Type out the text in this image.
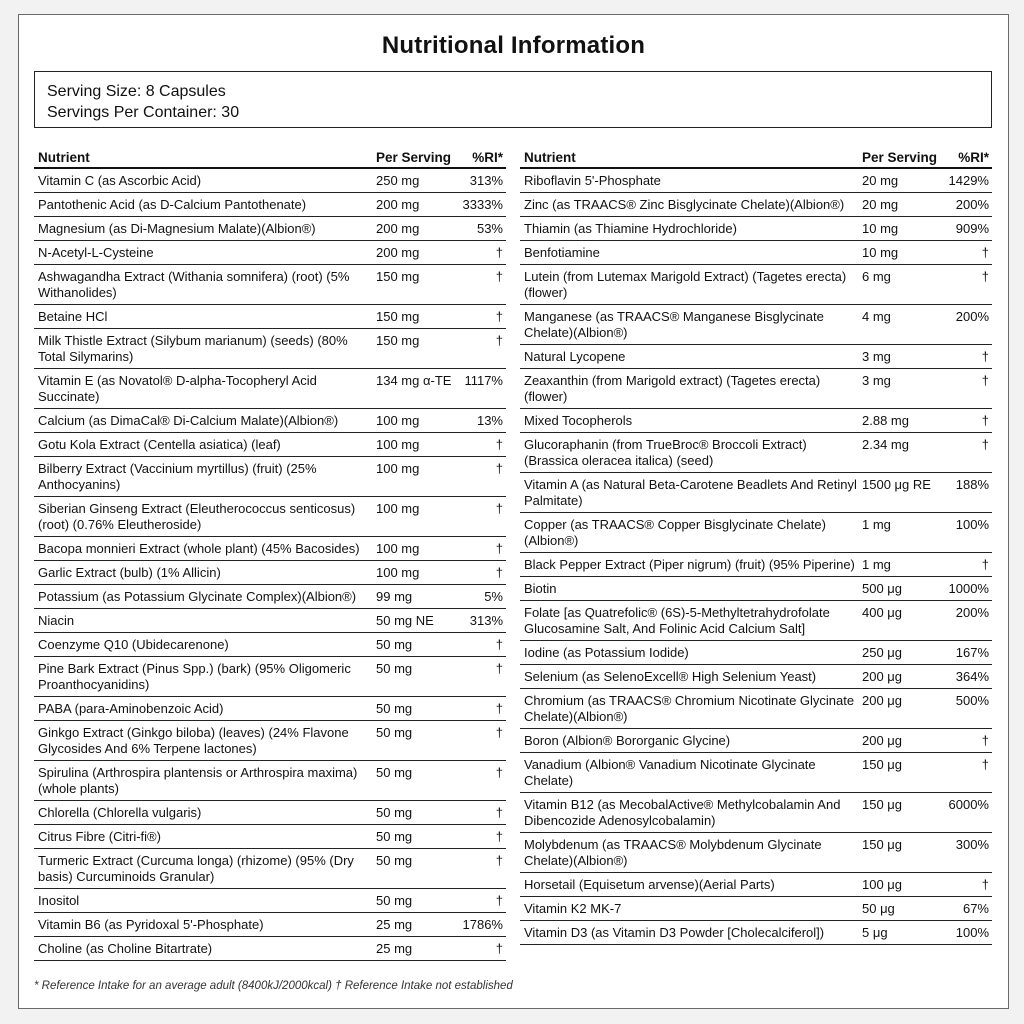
Nutritional Information
Serving Size: 8 Capsules
Servings Per Container: 30
Nutrient	Per Serving	%RI*
Vitamin C (as Ascorbic Acid)	250 mg	313%
Pantothenic Acid (as D-Calcium Pantothenate)	200 mg	3333%
Magnesium (as Di-Magnesium Malate)(Albion®)	200 mg	53%
N-Acetyl-L-Cysteine	200 mg	†
Ashwagandha Extract (Withania somnifera) (root) (5% Withanolides)
150 mg	†
Betaine HCl	150 mg	†
Milk Thistle Extract (Silybum marianum) (seeds) (80% Total Silymarins)
150 mg	†
Vitamin E (as Novatol® D-alpha-Tocopheryl Acid Succinate)
134 mg α-TE	1117%
Calcium (as DimaCal® Di-Calcium Malate)(Albion®)	100 mg	13%
Gotu Kola Extract (Centella asiatica) (leaf)	100 mg	†
Bilberry Extract (Vaccinium myrtillus) (fruit) (25% Anthocyanins)
100 mg	†
Siberian Ginseng Extract (Eleutherococcus senticosus) (root) (0.76% Eleutheroside)
100 mg	†
Bacopa monnieri Extract (whole plant) (45% Bacosides)	100 mg	†
Garlic Extract (bulb) (1% Allicin)	100 mg	†
Potassium (as Potassium Glycinate Complex)(Albion®)	99 mg	5%
Niacin	50 mg NE	313%
Coenzyme Q10 (Ubidecarenone)	50 mg	†
Pine Bark Extract (Pinus Spp.) (bark) (95% Oligomeric Proanthocyanidins)
50 mg	†
PABA (para-Aminobenzoic Acid)	50 mg	†
Ginkgo Extract (Ginkgo biloba) (leaves) (24% Flavone Glycosides And 6% Terpene lactones)
50 mg	†
Spirulina (Arthrospira plantensis or Arthrospira maxima) (whole plants)
50 mg	†
Chlorella (Chlorella vulgaris)	50 mg	†
Citrus Fibre (Citri-fi®)	50 mg	†
Turmeric Extract (Curcuma longa) (rhizome) (95% (Dry basis) Curcuminoids Granular)
50 mg	†
Inositol	50 mg	†
Vitamin B6 (as Pyridoxal 5'-Phosphate)	25 mg	1786%
Choline (as Choline Bitartrate)	25 mg	†
Nutrient	Per Serving	%RI*
Riboflavin 5'-Phosphate	20 mg	1429%
Zinc (as TRAACS® Zinc Bisglycinate Chelate)(Albion®)	20 mg	200%
Thiamin (as Thiamine Hydrochloride)	10 mg	909%
Benfotiamine	10 mg	†
Lutein (from Lutemax Marigold Extract) (Tagetes erecta) (flower)
6 mg	†
Manganese (as TRAACS® Manganese Bisglycinate Chelate)(Albion®)
4 mg	200%
Natural Lycopene	3 mg	†
Zeaxanthin (from Marigold extract) (Tagetes erecta) (flower)
3 mg	†
Mixed Tocopherols	2.88 mg	†
Glucoraphanin (from TrueBroc® Broccoli Extract) (Brassica oleracea italica) (seed)
2.34 mg	†
Vitamin A (as Natural Beta-Carotene Beadlets And Retinyl Palmitate)
1500 μg RE	188%
Copper (as TRAACS® Copper Bisglycinate Chelate) (Albion®)
1 mg	100%
Black Pepper Extract (Piper nigrum) (fruit) (95% Piperine) 1 mg	†
Biotin	500 μg	1000%
Folate [as Quatrefolic® (6S)-5-Methyltetrahydrofolate Glucosamine Salt, And Folinic Acid Calcium Salt]
400 μg	200%
Iodine (as Potassium Iodide)	250 μg	167%
Selenium (as SelenoExcell® High Selenium Yeast)	200 μg	364%
Chromium (as TRAACS® Chromium Nicotinate Glycinate Chelate)(Albion®)
200 μg	500%
Boron (Albion® Bororganic Glycine)	200 μg	†
Vanadium (Albion® Vanadium Nicotinate Glycinate Chelate)
150 μg	†
Vitamin B12 (as MecobalActive® Methylcobalamin And Dibencozide Adenosylcobalamin)
150 μg	6000%
Molybdenum (as TRAACS® Molybdenum Glycinate Chelate)(Albion®)
150 μg	300%
Horsetail (Equisetum arvense)(Aerial Parts)	100 μg	†
Vitamin K2 MK-7	50 μg	67%
Vitamin D3 (as Vitamin D3 Powder [Cholecalciferol])	5 μg	100%
* Reference Intake for an average adult (8400kJ/2000kcal) † Reference Intake not established
